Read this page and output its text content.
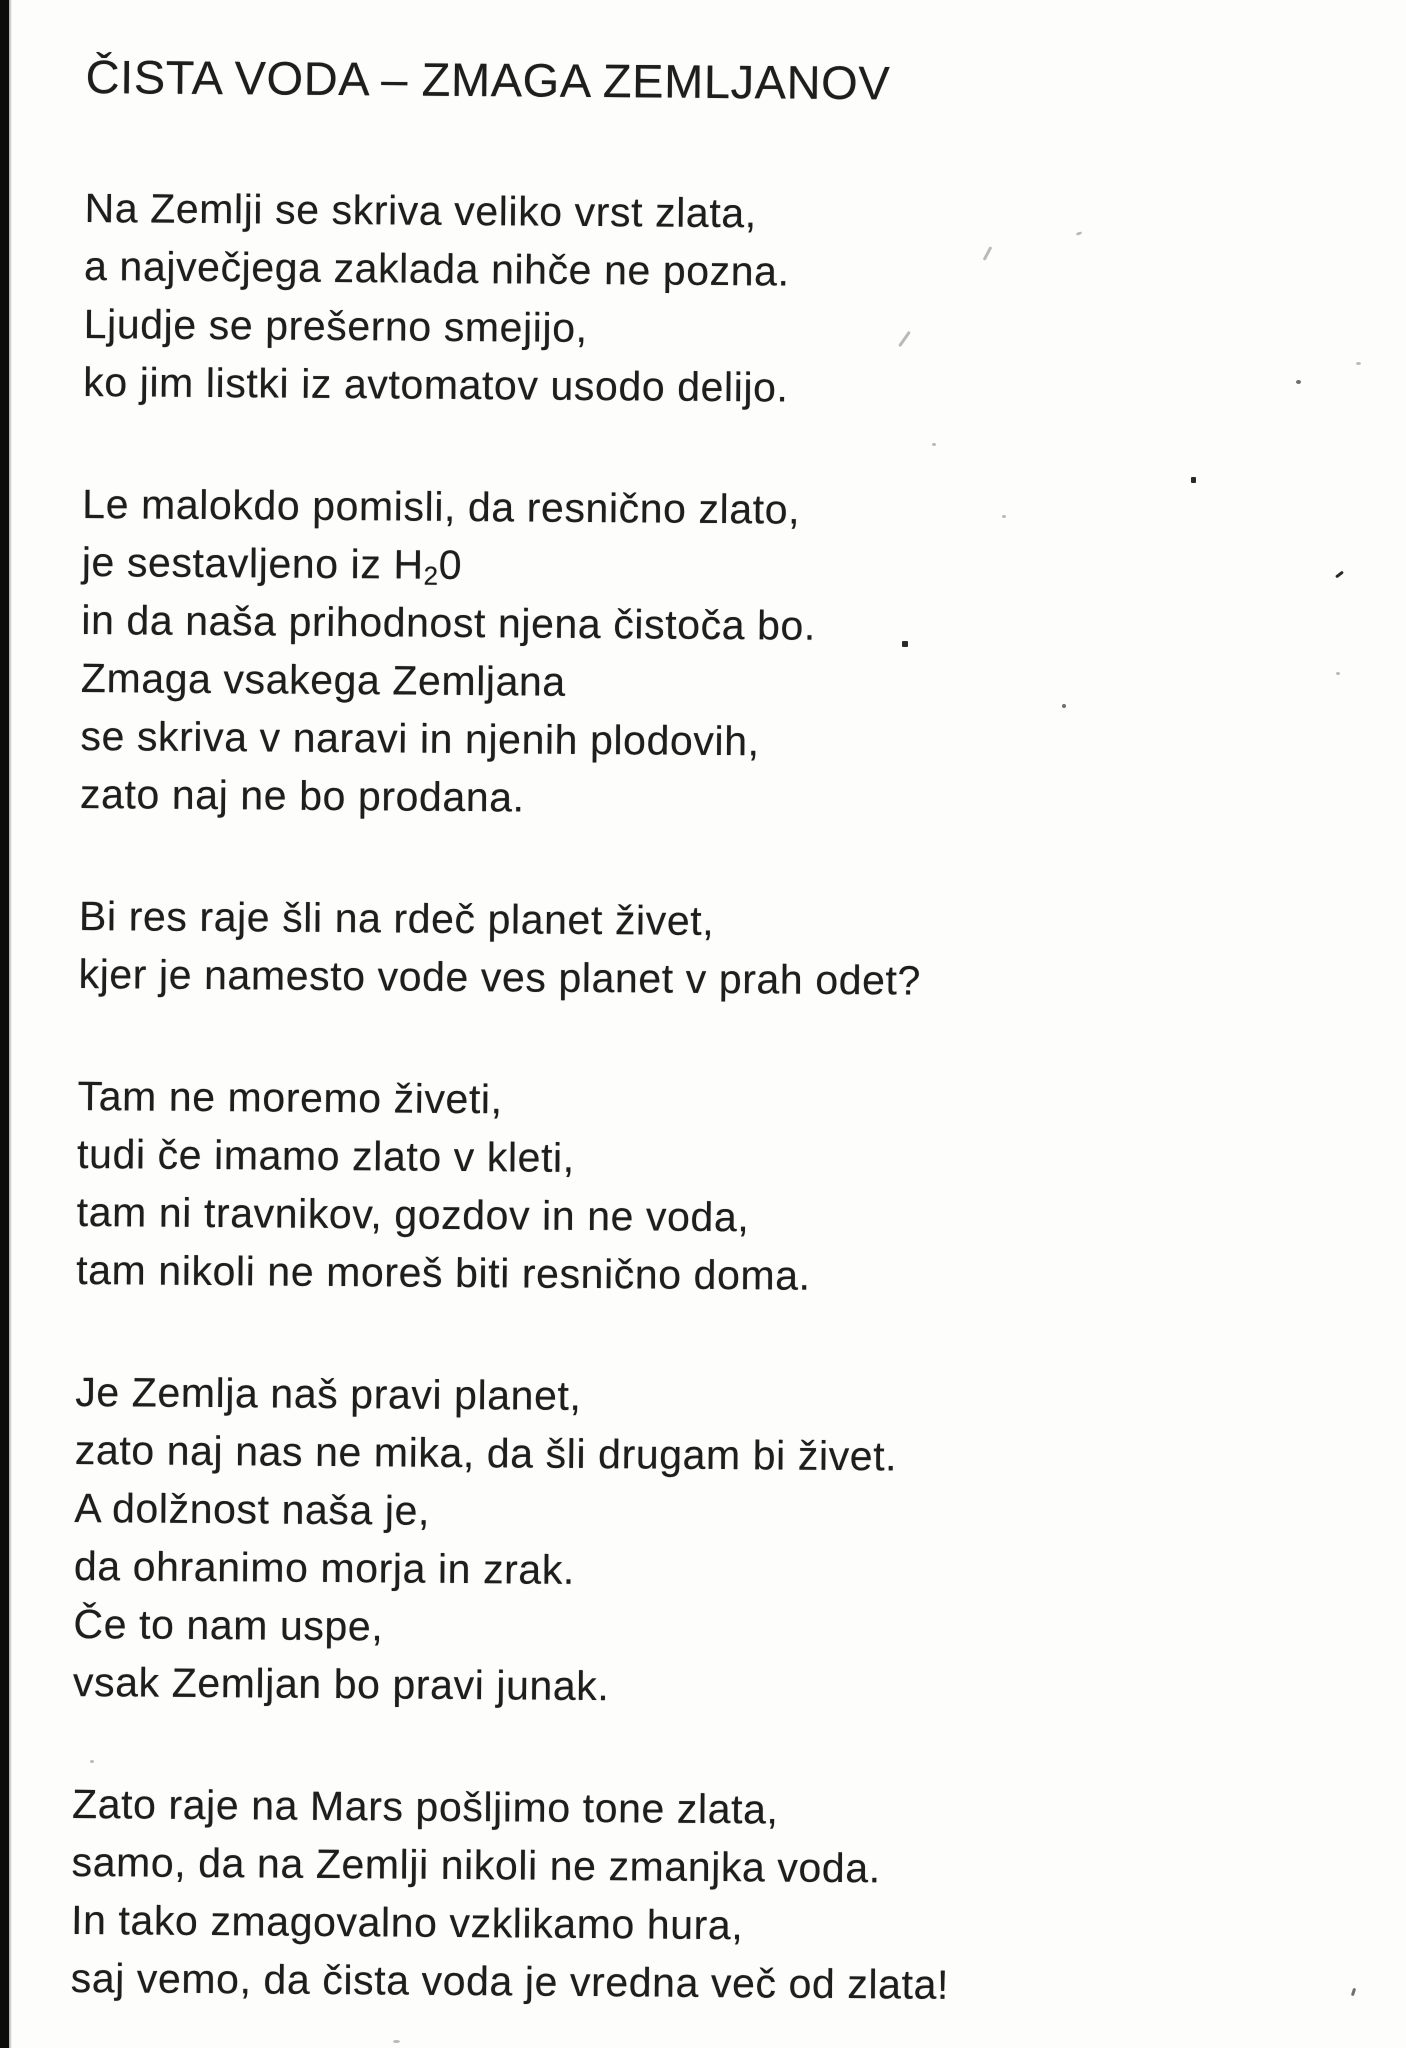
ČISTA VODA – ZMAGA ZEMLJANOV
Na Zemlji se skriva veliko vrst zlata,
a največjega zaklada nihče ne pozna.
Ljudje se prešerno smejijo,
ko jim listki iz avtomatov usodo delijo.
Le malokdo pomisli, da resnično zlato,
je sestavljeno iz $H_20$
in da naša prihodnost njena čistoča bo.
Zmaga vsakega Zemljana
se skriva v naravi in njenih plodovih,
zato naj ne bo prodana.
Bi res raje šli na rdeč planet živet,
kjer je namesto vode ves planet v prah odet?
Tam ne moremo živeti,
tudi če imamo zlato v kleti,
tam ni travnikov, gozdov in ne voda,
tam nikoli ne moreš biti resnično doma.
Je Zemlja naš pravi planet,
zato naj nas ne mika, da šli drugam bi živet.
A dolžnost naša je,
da ohranimo morja in zrak.
Če to nam uspe,
vsak Zemljan bo pravi junak.
Zato raje na Mars pošljimo tone zlata,
samo, da na Zemlji nikoli ne zmanjka voda.
In tako zmagovalno vzklikamo hura,
saj vemo, da čista voda je vredna več od zlata!
